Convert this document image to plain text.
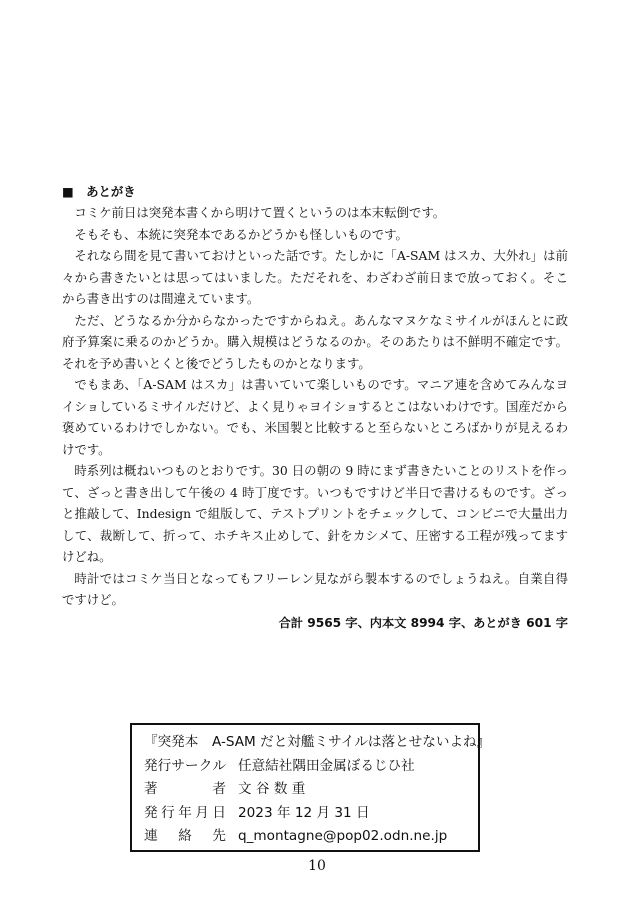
■　あとがき

コミケ前日は突発本書くから明けて置くというのは本末転倒です。

そもそも、本統に突発本であるかどうかも怪しいものです。

それなら間を見て書いておけといった話です。たしかに「A-SAM はスカ、大外れ」は前々から書きたいとは思ってはいました。ただそれを、わざわざ前日まで放っておく。そこから書き出すのは間違えています。

ただ、どうなるか分からなかったですからねえ。あんなマヌケなミサイルがほんとに政府予算案に乗るのかどうか。購入規模はどうなるのか。そのあたりは不鮮明不確定です。それを予め書いとくと後でどうしたものかとなります。

でもまあ、「A-SAM はスカ」は書いていて楽しいものです。マニア連を含めてみんなヨイショしているミサイルだけど、よく見りゃヨイショするとこはないわけです。国産だから褒めているわけでしかない。でも、米国製と比較すると至らないところばかりが見えるわけです。

時系列は概ねいつものとおりです。30 日の朝の 9 時にまず書きたいことのリストを作って、ざっと書き出して午後の 4 時丁度です。いつもですけど半日で書けるものです。ざっと推敲して、Indesign で組版して、テストプリントをチェックして、コンビニで大量出力して、裁断して、折って、ホチキス止めして、針をカシメて、圧密する工程が残ってますけどね。

時計ではコミケ当日となってもフリーレン見ながら製本するのでしょうねえ。自業自得ですけど。

合計 9565 字、内本文 8994 字、あとがき 601 字
『突発本　A-SAM だと対艦ミサイルは落とせないよね』
発 行 サ ー ク ル 任意結社隅田金属ぼるじひ社
著	者 文 谷 数 重
発 行 年 月 日 2023 年 12 月 31 日
連 絡 先 q_montagne@pop02.odn.ne.jp
10
